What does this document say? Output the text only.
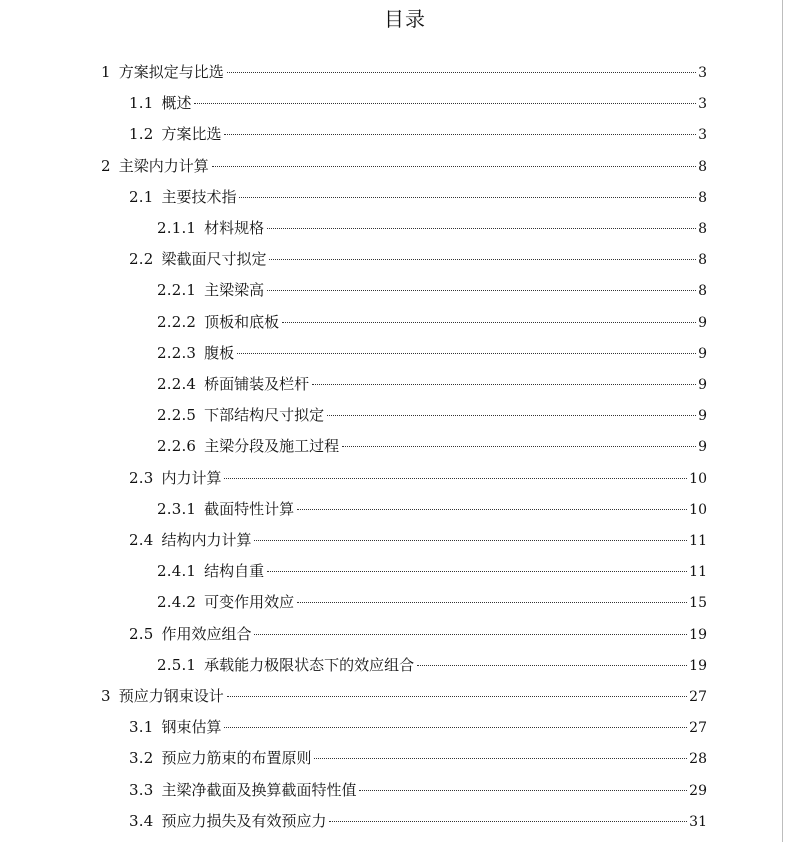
目录
1 方案拟定与比选	3
1.1 概述	3
1.2 方案比选	3
2 主梁内力计算	8
2.1 主要技术指	8
2.1.1 材料规格	8
2.2 梁截面尺寸拟定	8
2.2.1 主梁梁高	8
2.2.2 顶板和底板	9
2.2.3 腹板	9
2.2.4 桥面铺装及栏杆	9
2.2.5 下部结构尺寸拟定	9
2.2.6 主梁分段及施工过程	9
2.3 内力计算	10
2.3.1 截面特性计算	10
2.4 结构内力计算	11
2.4.1 结构自重	11
2.4.2 可变作用效应	15
2.5 作用效应组合	19
2.5.1 承载能力极限状态下的效应组合	19
3 预应力钢束设计	27
3.1 钢束估算	27
3.2 预应力筋束的布置原则	28
3.3 主梁净截面及换算截面特性值	29
3.4 预应力损失及有效预应力	31
